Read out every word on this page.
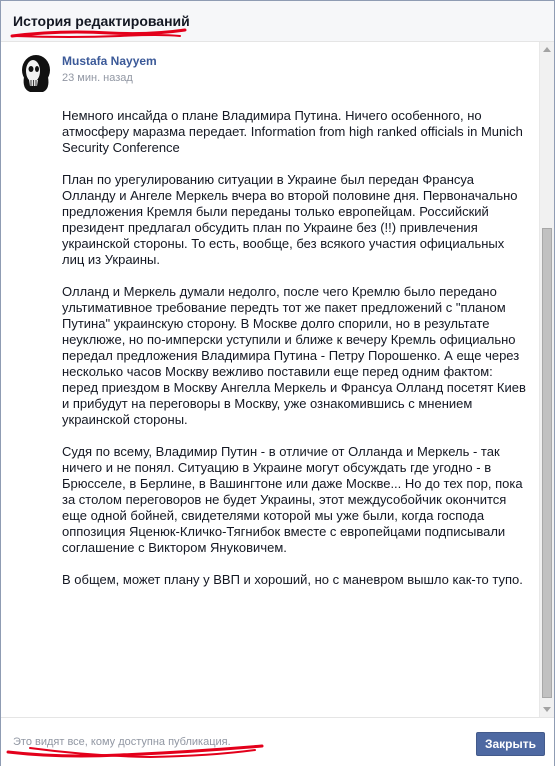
История редактирований
Mustafa Nayyem
23 мин. назад

Немного инсайда о плане Владимира Путина. Ничего особенного, но атмосферу маразма передает. Information from high ranked officials in Munich Security Conference

План по урегулированию ситуации в Украине был передан Франсуа Олланду и Ангеле Меркель вчера во второй половине дня. Первоначально предложения Кремля были переданы только европейцам. Российский президент предлагал обсудить план по Украине без (!!) привлечения украинской стороны. То есть, вообще, без всякого участия официальных лиц из Украины.

Олланд и Меркель думали недолго, после чего Кремлю было передано ультимативное требование передть тот же пакет предложений с "планом Путина" украинскую сторону. В Москве долго спорили, но в результате неуклюже, но по-имперски уступили и ближе к вечеру Кремль официально передал предложения Владимира Путина - Петру Порошенко. А еще через несколько часов Москву вежливо поставили еще перед одним фактом: перед приездом в Москву Ангелла Меркель и Франсуа Олланд посетят Киев и прибудут на переговоры в Москву, уже ознакомившись с мнением украинской стороны.

Судя по всему, Владимир Путин - в отличие от Олланда и Меркель - так ничего и не понял. Ситуацию в Украине могут обсуждать где угодно - в Брюсселе, в Берлине, в Вашингтоне или даже Москве... Но до тех пор, пока за столом переговоров не будет Украины, этот междусобойчик окончится еще одной бойней, свидетелями которой мы уже были, когда господа оппозиция Яценюк-Кличко-Тягнибок вместе с европейцами подписывали соглашение с Виктором Януковичем.

В общем, может плану у ВВП и хороший, но с маневром вышло как-то тупо.

Это видят все, кому доступна публикация.	Закрыть
